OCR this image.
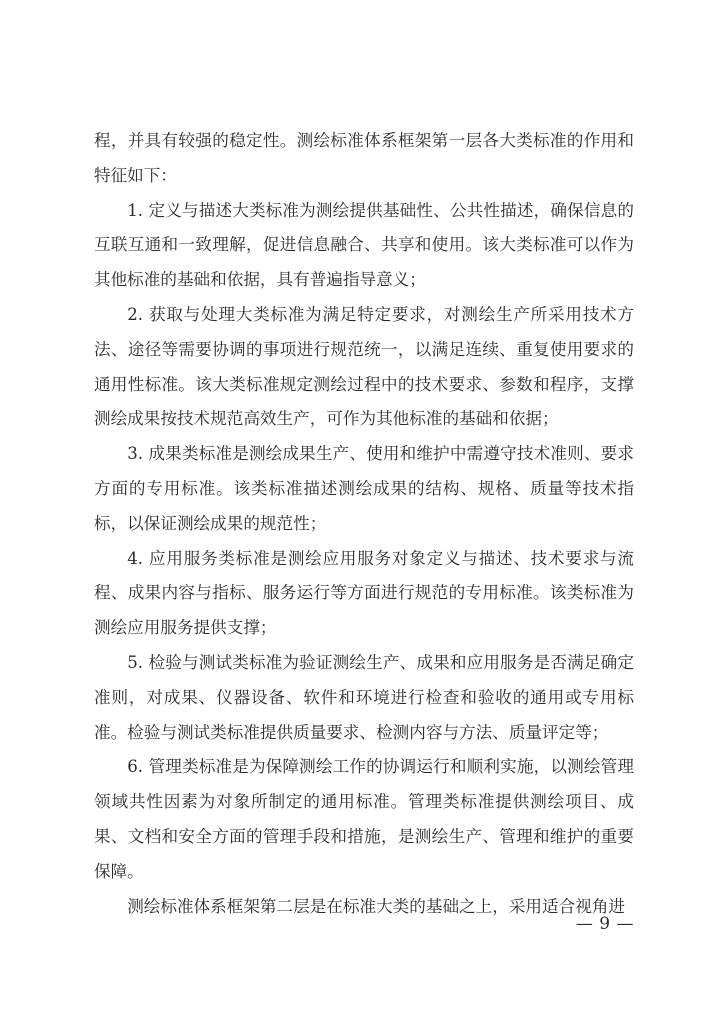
程，并具有较强的稳定性。测绘标准体系框架第一层各大类标准的作用和特征如下：

1. 定义与描述大类标准为测绘提供基础性、公共性描述，确保信息的互联互通和一致理解，促进信息融合、共享和使用。该大类标准可以作为其他标准的基础和依据，具有普遍指导意义；

2. 获取与处理大类标准为满足特定要求，对测绘生产所采用技术方法、途径等需要协调的事项进行规范统一，以满足连续、重复使用要求的通用性标准。该大类标准规定测绘过程中的技术要求、参数和程序，支撑测绘成果按技术规范高效生产，可作为其他标准的基础和依据；

3. 成果类标准是测绘成果生产、使用和维护中需遵守技术准则、要求方面的专用标准。该类标准描述测绘成果的结构、规格、质量等技术指标，以保证测绘成果的规范性；

4. 应用服务类标准是测绘应用服务对象定义与描述、技术要求与流程、成果内容与指标、服务运行等方面进行规范的专用标准。该类标准为测绘应用服务提供支撑；

5. 检验与测试类标准为验证测绘生产、成果和应用服务是否满足确定准则，对成果、仪器设备、软件和环境进行检查和验收的通用或专用标准。检验与测试类标准提供质量要求、检测内容与方法、质量评定等；

6. 管理类标准是为保障测绘工作的协调运行和顺利实施，以测绘管理领域共性因素为对象所制定的通用标准。管理类标准提供测绘项目、成果、文档和安全方面的管理手段和措施，是测绘生产、管理和维护的重要保障。

测绘标准体系框架第二层是在标准大类的基础之上，采用适合视角进

— 9 —
